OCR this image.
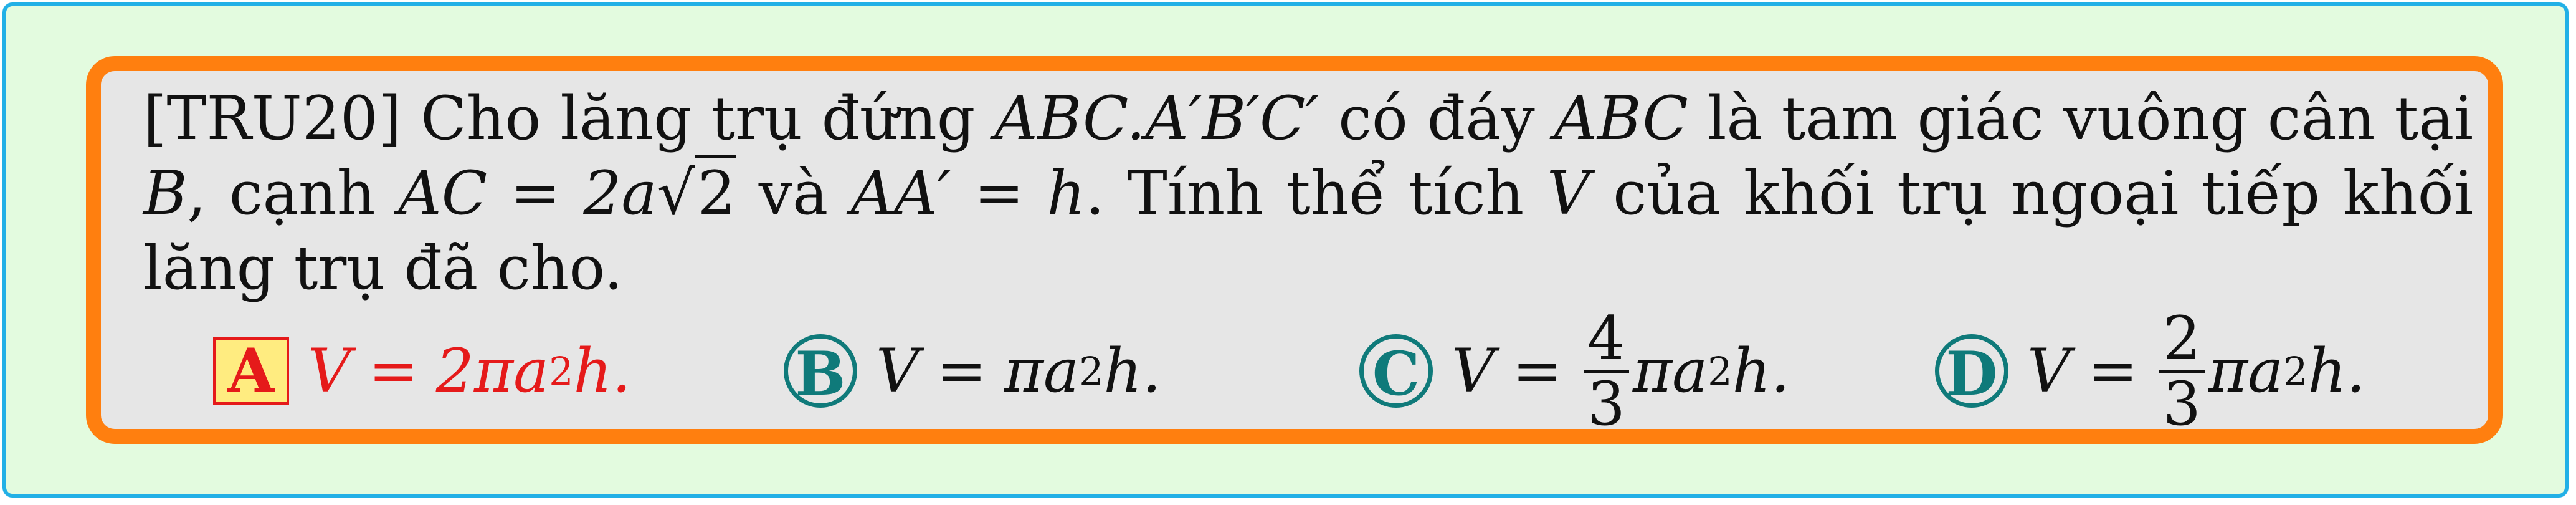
[TRU20] Cho lăng trụ đứng ABC.A′B′C′ có đáy ABC là tam giác vuông cân tại B, cạnh AC = 2a√2 và AA′ = h. Tính thể tích V của khối trụ ngoại tiếp khối lăng trụ đã cho.
A V = 2πa 2 h.	B V = πa 2 h.	C $V = \frac{4}{3}$ πa 2 h.	D $V = \frac{2}{3}$ πa 2 h.
